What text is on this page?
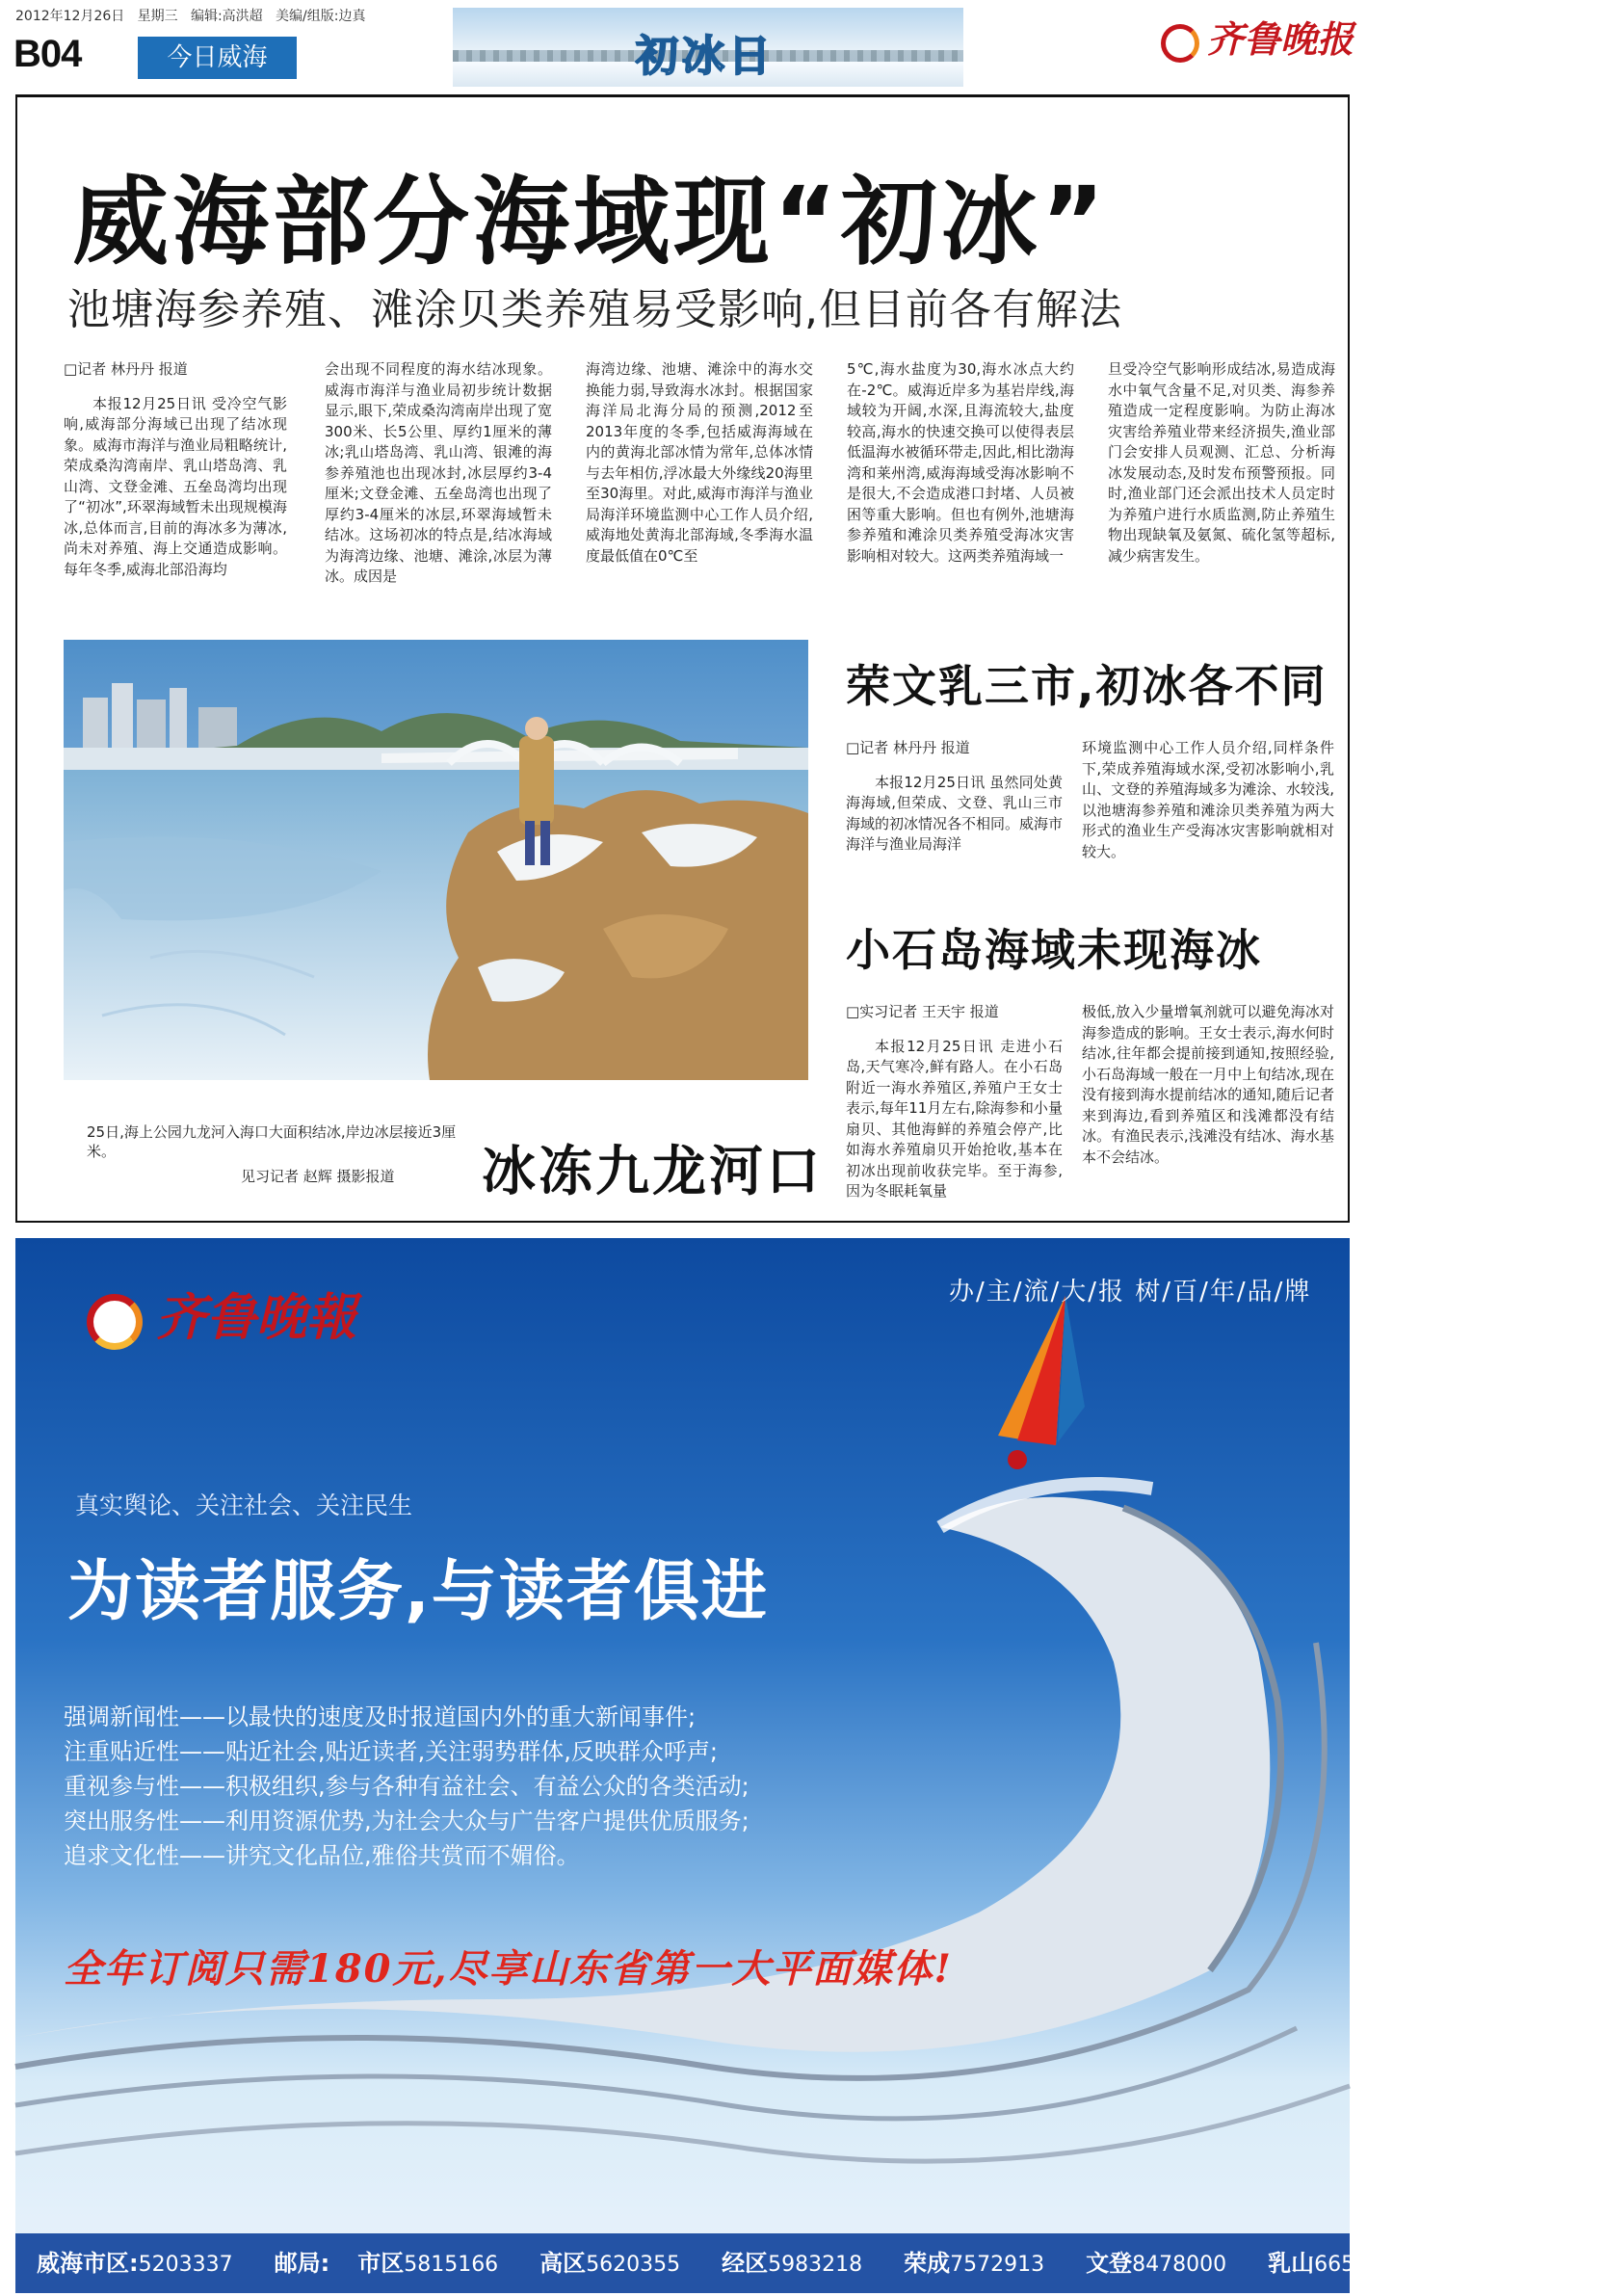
2012年12月26日   星期三   编辑:高洪超   美编/组版:边真
B04	今日威海	初冰日	齐鲁晚报
威海部分海域现“初冰”
池塘海参养殖、滩涂贝类养殖易受影响,但目前各有解法
□记者 林丹丹 报道

本报12月25日讯 受冷空气影响,威海部分海域已出现了结冰现象。威海市海洋与渔业局粗略统计,荣成桑沟湾南岸、乳山塔岛湾、乳山湾、文登金滩、五垒岛湾均出现了“初冰”,环翠海域暂未出现规模海冰,总体而言,目前的海冰多为薄冰,尚未对养殖、海上交通造成影响。每年冬季,威海北部沿海均

会出现不同程度的海水结冰现象。威海市海洋与渔业局初步统计数据显示,眼下,荣成桑沟湾南岸出现了宽300米、长5公里、厚约1厘米的薄冰;乳山塔岛湾、乳山湾、银滩的海参养殖池也出现冰封,冰层厚约3-4厘米;文登金滩、五垒岛湾也出现了厚约3-4厘米的冰层,环翠海域暂未结冰。这场初冰的特点是,结冰海域为海湾边缘、池塘、滩涂,冰层为薄冰。成因是

海湾边缘、池塘、滩涂中的海水交换能力弱,导致海水冰封。根据国家海洋局北海分局的预测,2012至2013年度的冬季,包括威海海域在内的黄海北部冰情为常年,总体冰情与去年相仿,浮冰最大外缘线20海里至30海里。对此,威海市海洋与渔业局海洋环境监测中心工作人员介绍,威海地处黄海北部海域,冬季海水温度最低值在0℃至

5℃,海水盐度为30,海水冰点大约在-2℃。威海近岸多为基岩岸线,海域较为开阔,水深,且海流较大,盐度较高,海水的快速交换可以使得表层低温海水被循环带走,因此,相比渤海湾和莱州湾,威海海域受海冰影响不是很大,不会造成港口封堵、人员被困等重大影响。但也有例外,池塘海参养殖和滩涂贝类养殖受海冰灾害影响相对较大。这两类养殖海域一

旦受冷空气影响形成结冰,易造成海水中氧气含量不足,对贝类、海参养殖造成一定程度影响。为防止海冰灾害给养殖业带来经济损失,渔业部门会安排人员观测、汇总、分析海冰发展动态,及时发布预警预报。同时,渔业部门还会派出技术人员定时为养殖户进行水质监测,防止养殖生物出现缺氧及氨氮、硫化氢等超标,减少病害发生。

25日,海上公园九龙河入海口大面积结冰,岸边冰层接近3厘米。
见习记者 赵辉 摄影报道 冰冻九龙河口
荣文乳三市,初冰各不同
□记者 林丹丹 报道

本报12月25日讯 虽然同处黄海海域,但荣成、文登、乳山三市海域的初冰情况各不相同。威海市海洋与渔业局海洋

环境监测中心工作人员介绍,同样条件下,荣成养殖海域水深,受初冰影响小,乳山、文登的养殖海域多为滩涂、水较浅,以池塘海参养殖和滩涂贝类养殖为两大形式的渔业生产受海冰灾害影响就相对较大。

小石岛海域未现海冰
□实习记者 王天宇 报道

本报12月25日讯 走进小石岛,天气寒冷,鲜有路人。在小石岛附近一海水养殖区,养殖户王女士表示,每年11月左右,除海参和小量扇贝、其他海鲜的养殖会停产,比如海水养殖扇贝开始抢收,基本在初冰出现前收获完毕。至于海参,因为冬眠耗氧量

极低,放入少量增氧剂就可以避免海冰对海参造成的影响。王女士表示,海水何时结冰,往年都会提前接到通知,按照经验,小石岛海域一般在一月中上旬结冰,现在没有接到海水提前结冰的通知,随后记者来到海边,看到养殖区和浅滩都没有结冰。有渔民表示,浅滩没有结冰、海水基本不会结冰。

齐鲁晚報	办/主/流/大/报 树/百/年/品/牌
真实舆论、关注社会、关注民生
为读者服务,与读者俱进
强调新闻性——以最快的速度及时报道国内外的重大新闻事件;
注重贴近性——贴近社会,贴近读者,关注弱势群体,反映群众呼声;
重视参与性——积极组织,参与各种有益社会、有益公众的各类活动;
突出服务性——利用资源优势,为社会大众与广告客户提供优质服务;
追求文化性——讲究文化品位,雅俗共赏而不媚俗。
全年订阅只需180元,尽享山东省第一大平面媒体!
威海市区:5203337 邮局: 市区5815166 高区5620355 经区5983218 荣成7572913 文登8478000 乳山6655156 石岛7382714
